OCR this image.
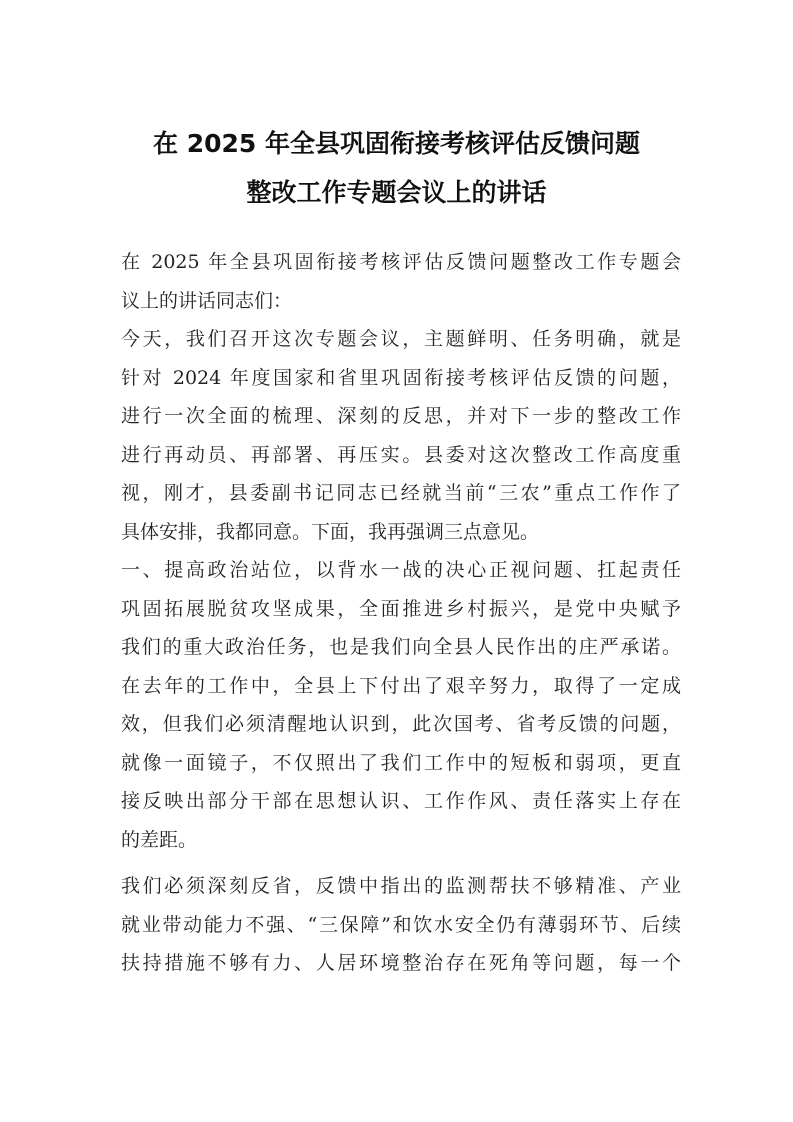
在 2025 年全县巩固衔接考核评估反馈问题
整改工作专题会议上的讲话
在 2025 年全县巩固衔接考核评估反馈问题整改工作专题会
议上的讲话同志们：
今天，我们召开这次专题会议，主题鲜明、任务明确，就是
针对 2024 年度国家和省里巩固衔接考核评估反馈的问题，
进行一次全面的梳理、深刻的反思，并对下一步的整改工作
进行再动员、再部署、再压实。县委对这次整改工作高度重
视，刚才，县委副书记同志已经就当前“三农”重点工作作了
具体安排，我都同意。下面，我再强调三点意见。
一、提高政治站位，以背水一战的决心正视问题、扛起责任
巩固拓展脱贫攻坚成果，全面推进乡村振兴，是党中央赋予
我们的重大政治任务，也是我们向全县人民作出的庄严承诺。
在去年的工作中，全县上下付出了艰辛努力，取得了一定成
效，但我们必须清醒地认识到，此次国考、省考反馈的问题，
就像一面镜子，不仅照出了我们工作中的短板和弱项，更直
接反映出部分干部在思想认识、工作作风、责任落实上存在
的差距。
我们必须深刻反省，反馈中指出的监测帮扶不够精准、产业
就业带动能力不强、“三保障”和饮水安全仍有薄弱环节、后续
扶持措施不够有力、人居环境整治存在死角等问题，每一个
